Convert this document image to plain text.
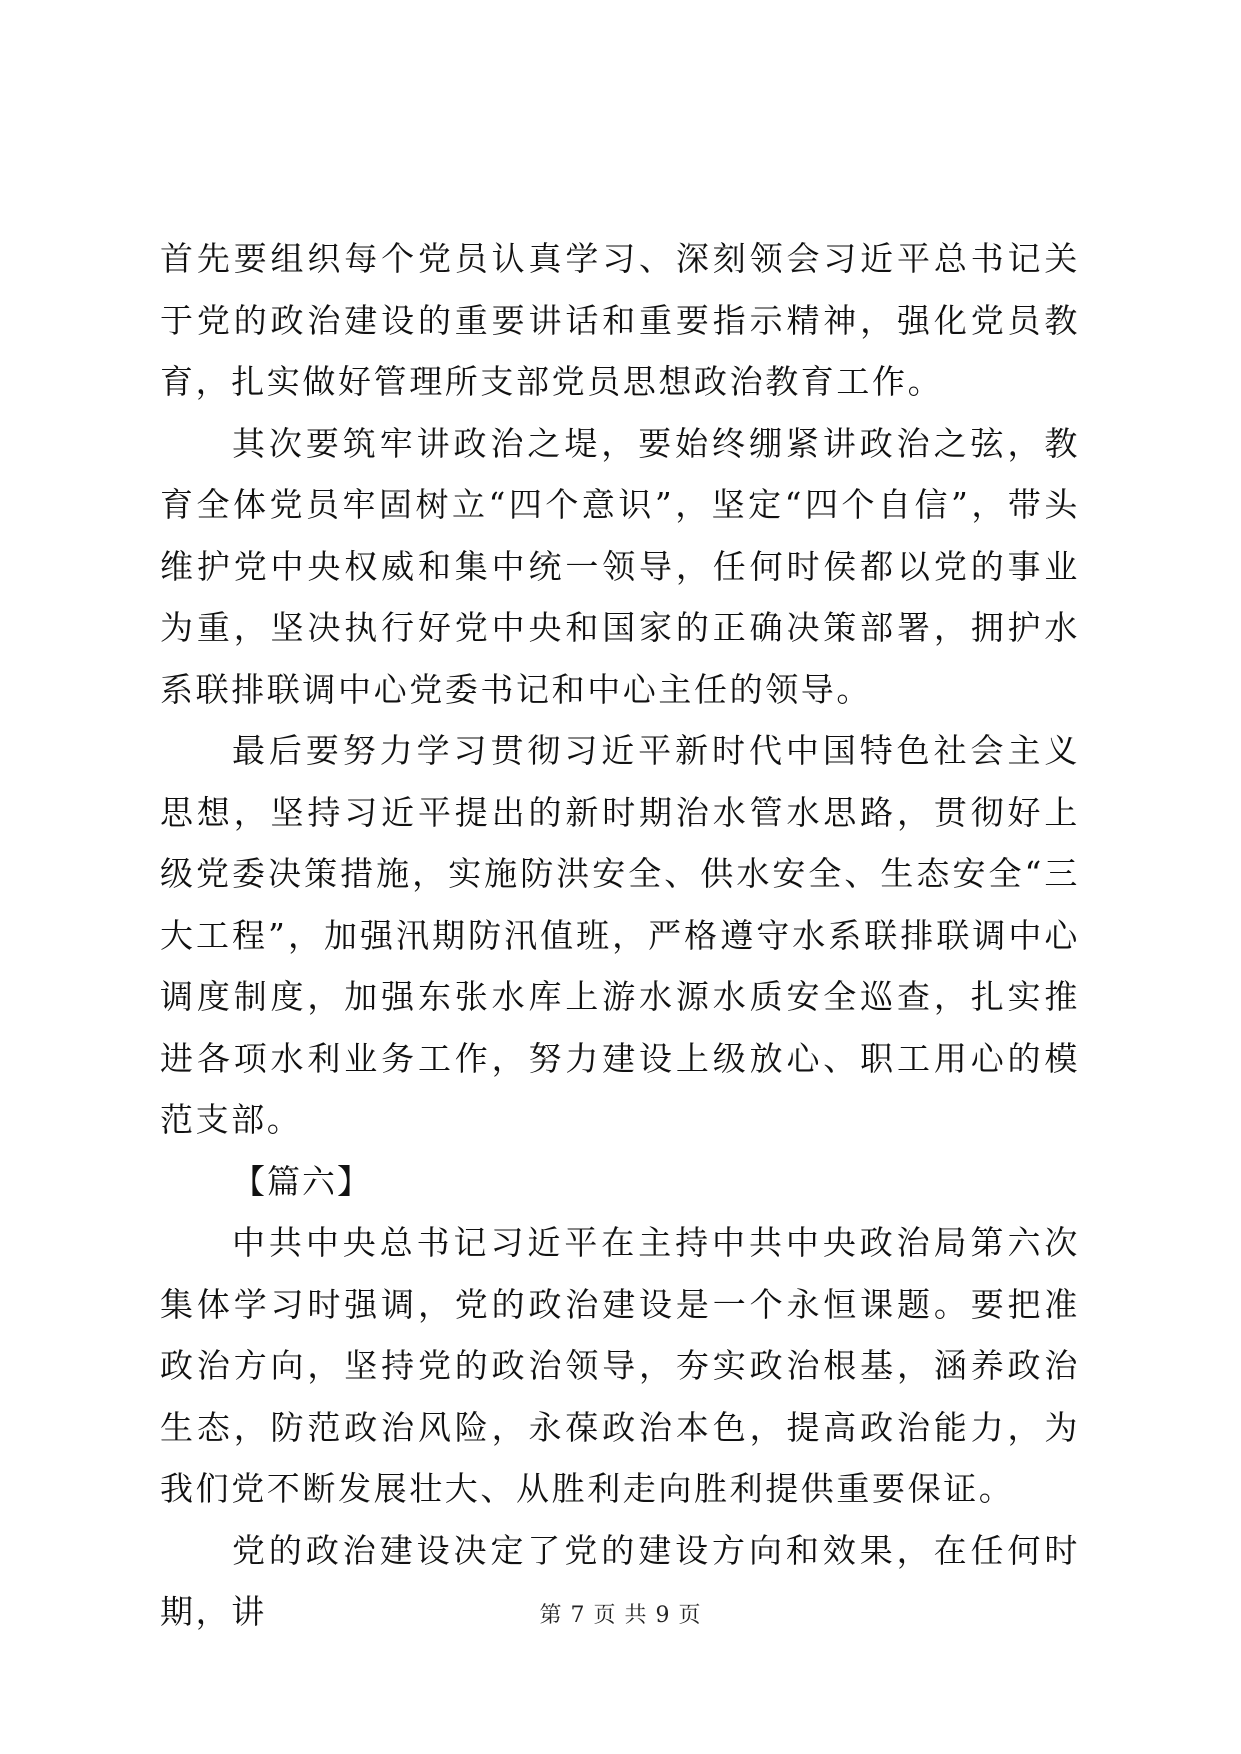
首先要组织每个党员认真学习、深刻领会习近平总书记关于党的政治建设的重要讲话和重要指示精神，强化党员教育，扎实做好管理所支部党员思想政治教育工作。

其次要筑牢讲政治之堤，要始终绷紧讲政治之弦，教育全体党员牢固树立“四个意识”，坚定“四个自信”，带头维护党中央权威和集中统一领导，任何时侯都以党的事业为重，坚决执行好党中央和国家的正确决策部署，拥护水系联排联调中心党委书记和中心主任的领导。

最后要努力学习贯彻习近平新时代中国特色社会主义思想，坚持习近平提出的新时期治水管水思路，贯彻好上级党委决策措施，实施防洪安全、供水安全、生态安全“三大工程”，加强汛期防汛值班，严格遵守水系联排联调中心调度制度，加强东张水库上游水源水质安全巡查，扎实推进各项水利业务工作，努力建设上级放心、职工用心的模范支部。

【篇六】

中共中央总书记习近平在主持中共中央政治局第六次集体学习时强调，党的政治建设是一个永恒课题。要把准政治方向，坚持党的政治领导，夯实政治根基，涵养政治生态，防范政治风险，永葆政治本色，提高政治能力，为我们党不断发展壮大、从胜利走向胜利提供重要保证。

党的政治建设决定了党的建设方向和效果，在任何时期，讲	第 7 页 共 9 页
